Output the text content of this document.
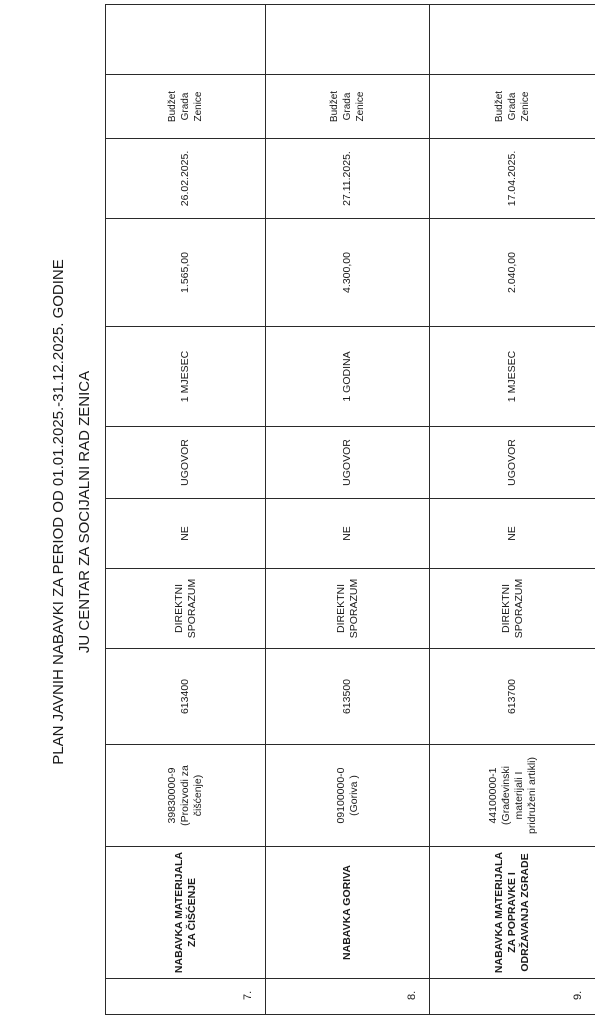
PLAN JAVNIH NABAVKI ZA PERIOD OD 01.01.2025.-31.12.2025. GODINE JU CENTAR ZA SOCIJALNI RAD ZENICA
7.	NABAVKA MATERIJALA ZA ČIŠĆENJE	39830000-9 (Proizvodi za čišćenje)	613400	DIREKTNI SPORAZUM	NE	UGOVOR	1 MJESEC	1.565,00	26.02.2025.	Budžet Grada Zenice	
8.	NABAVKA GORIVA	09100000-0 (Goriva )	613500	DIREKTNI SPORAZUM	NE	UGOVOR	1 GODINA	4.300,00	27.11.2025.	Budžet Grada Zenice	
9.	NABAVKA MATERIJALA ZA POPRAVKE I ODRŽAVANJA ZGRADE	44100000-1 (Građevinski materijali I pridruženi artikli)	613700	DIREKTNI SPORAZUM	NE	UGOVOR	1 MJESEC	2.040,00	17.04.2025.	Budžet Grada Zenice	
